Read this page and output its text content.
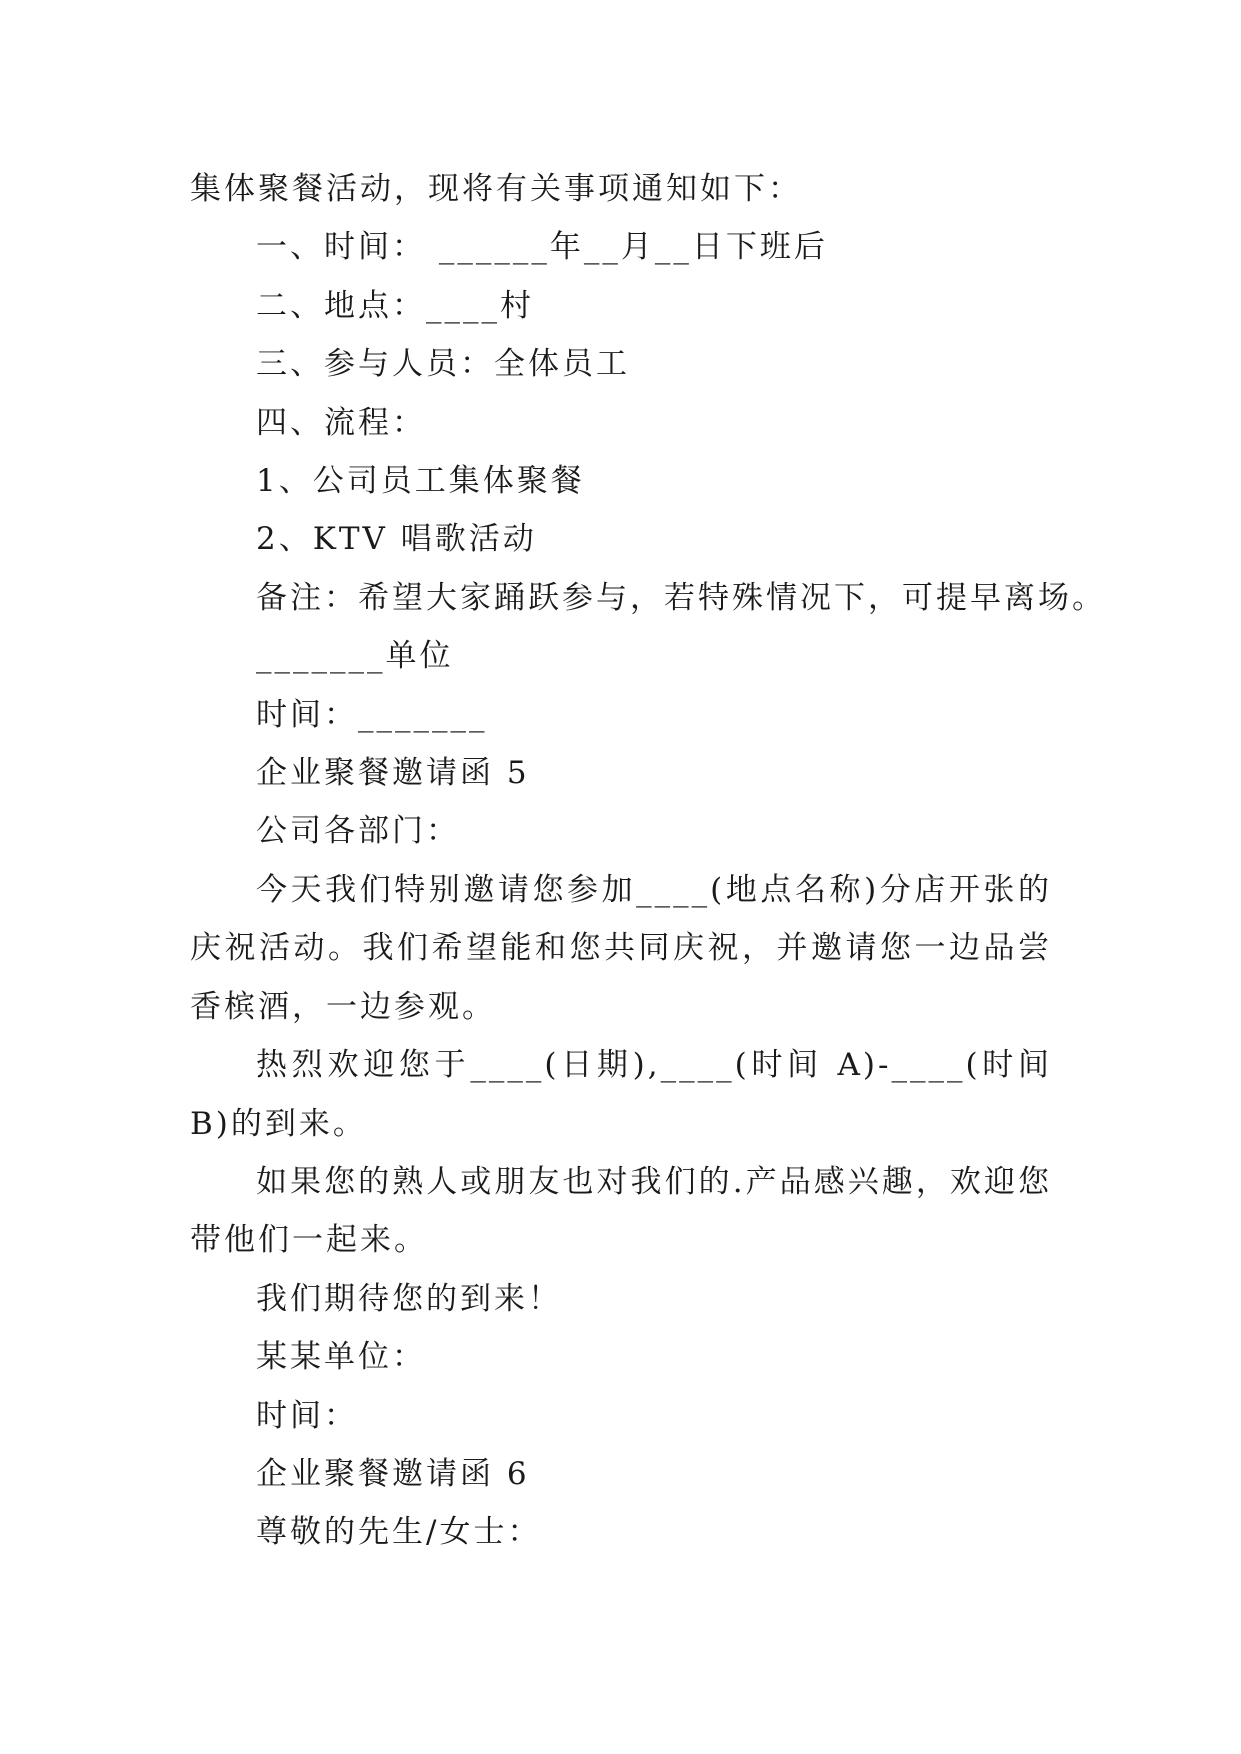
集体聚餐活动，现将有关事项通知如下：

一、时间： ______年__月__日下班后

二、地点：____村

三、参与人员：全体员工

四、流程：

1、公司员工集体聚餐

2、KTV 唱歌活动

备注：希望大家踊跃参与，若特殊情况下，可提早离场。

_______单位

时间：_______

企业聚餐邀请函 5

公司各部门：

今天我们特别邀请您参加____(地点名称)分店开张的庆祝活动。我们希望能和您共同庆祝，并邀请您一边品尝香槟酒，一边参观。

热烈欢迎您于____(日期),____(时间 A)-____(时间 B)的到来。

如果您的熟人或朋友也对我们的.产品感兴趣，欢迎您带他们一起来。

我们期待您的到来！

某某单位：

时间：

企业聚餐邀请函 6

尊敬的先生/女士：
